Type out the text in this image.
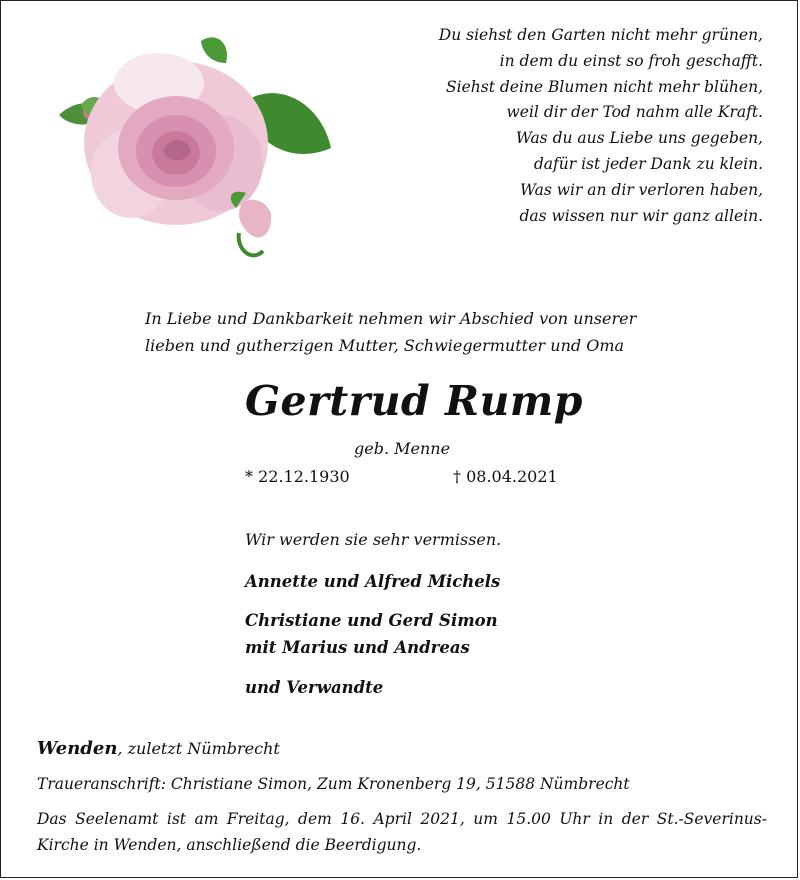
Du siehst den Garten nicht mehr grünen,
in dem du einst so froh geschafft.
Siehst deine Blumen nicht mehr blühen,
weil dir der Tod nahm alle Kraft.
Was du aus Liebe uns gegeben,
dafür ist jeder Dank zu klein.
Was wir an dir verloren haben,
das wissen nur wir ganz allein.
In Liebe und Dankbarkeit nehmen wir Abschied von unserer
lieben und gutherzigen Mutter, Schwiegermutter und Oma
Gertrud Rump
geb. Menne
* 22.12.1930	† 08.04.2021
Wir werden sie sehr vermissen.
Annette und Alfred Michels
Christiane und Gerd Simon
mit Marius und Andreas
und Verwandte
Wenden, zuletzt Nümbrecht
Traueranschrift: Christiane Simon, Zum Kronenberg 19, 51588 Nümbrecht
Das Seelenamt ist am Freitag, dem 16. April 2021, um 15.00 Uhr in der St.-Severinus-Kirche in Wenden, anschließend die Beerdigung.
